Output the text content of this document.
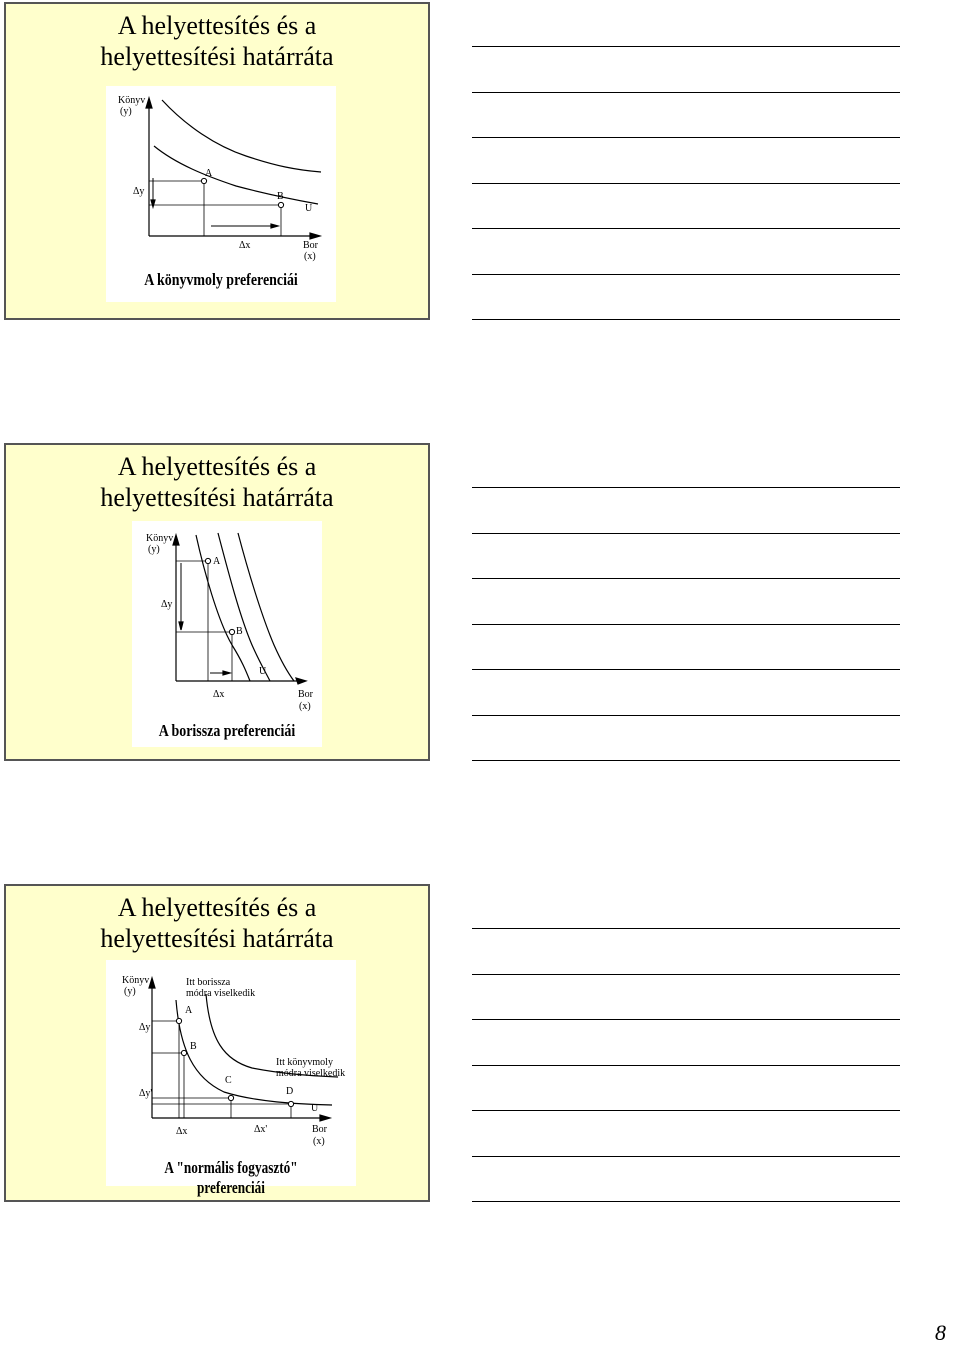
A helyettesítés és a
helyettesítési határráta
Könyv
(y)
A
B
U
Δy
Δx	Bor
(x)
A könyvmoly preferenciái
A helyettesítés és a
helyettesítési határráta
Könyv
(y)
A
B
U
Δy
Δx	Bor
(x)
A borissza preferenciái
A helyettesítés és a
helyettesítési határráta
Könyv
(y)
Itt borissza
módra viselkedik
A
B
C
D
U
Itt könyvmoly
módra viselkedik
Δy
Δy'
Δx	Δx'	Bor
(x)
A "normális fogyasztó" preferenciái
8
